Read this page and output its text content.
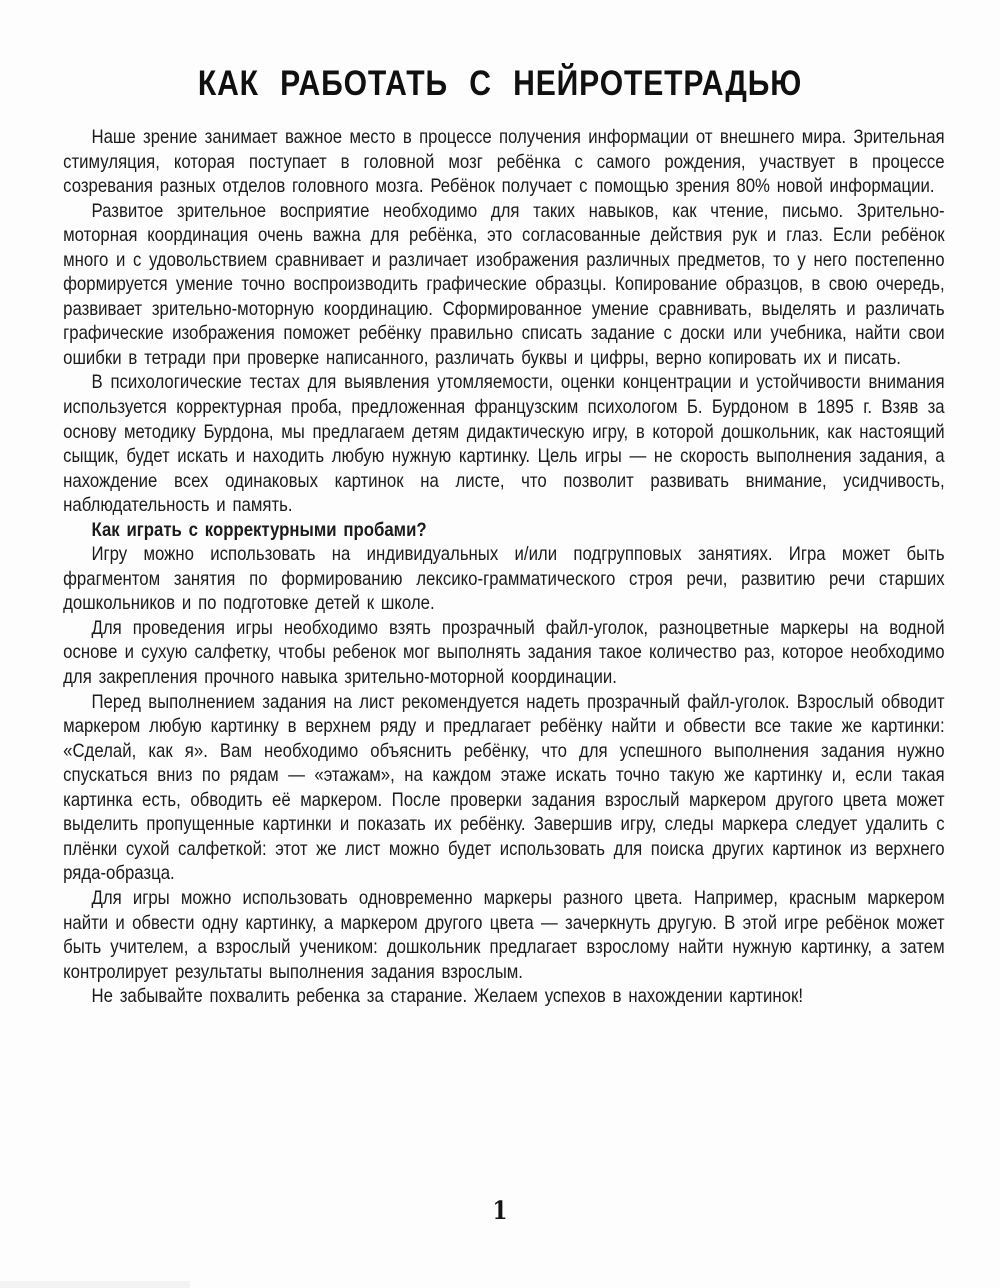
КАК РАБОТАТЬ С НЕЙРОТЕТРАДЬЮ

Наше зрение занимает важное место в процессе получения информации от внешнего мира. Зрительная стимуляция, которая поступает в головной мозг ребёнка с самого рождения, участвует в процессе созревания разных отделов головного мозга. Ребёнок получает с помощью зрения 80% новой информации.

Развитое зрительное восприятие необходимо для таких навыков, как чтение, письмо. Зрительно-моторная координация очень важна для ребёнка, это согласованные действия рук и глаз. Если ребёнок много и с удовольствием сравнивает и различает изображения различных предметов, то у него постепенно формируется умение точно воспроизводить графические образцы. Копирование образцов, в свою очередь, развивает зрительно-моторную координацию. Сформированное умение сравнивать, выделять и различать графические изображения поможет ребёнку правильно списать задание с доски или учебника, найти свои ошибки в тетради при проверке написанного, различать буквы и цифры, верно копировать их и писать.

В психологические тестах для выявления утомляемости, оценки концентрации и устойчивости внимания используется корректурная проба, предложенная французским психологом Б. Бурдоном в 1895 г. Взяв за основу методику Бурдона, мы предлагаем детям дидактическую игру, в которой дошкольник, как настоящий сыщик, будет искать и находить любую нужную картинку. Цель игры — не скорость выполнения задания, а нахождение всех одинаковых картинок на листе, что позволит развивать внимание, усидчивость, наблюдательность и память.

Как играть с корректурными пробами?

Игру можно использовать на индивидуальных и/или подгрупповых занятиях. Игра может быть фрагментом занятия по формированию лексико-грамматического строя речи, развитию речи старших дошкольников и по подготовке детей к школе.

Для проведения игры необходимо взять прозрачный файл-уголок, разноцветные маркеры на водной основе и сухую салфетку, чтобы ребенок мог выполнять задания такое количество раз, которое необходимо для закрепления прочного навыка зрительно-моторной координации.

Перед выполнением задания на лист рекомендуется надеть прозрачный файл-уголок. Взрослый обводит маркером любую картинку в верхнем ряду и предлагает ребёнку найти и обвести все такие же картинки: «Сделай, как я». Вам необходимо объяснить ребёнку, что для успешного выполнения задания нужно спускаться вниз по рядам — «этажам», на каждом этаже искать точно такую же картинку и, если такая картинка есть, обводить её маркером. После проверки задания взрослый маркером другого цвета может выделить пропущенные картинки и показать их ребёнку. Завершив игру, следы маркера следует удалить с плёнки сухой салфеткой: этот же лист можно будет использовать для поиска других картинок из верхнего ряда-образца.

Для игры можно использовать одновременно маркеры разного цвета. Например, красным маркером найти и обвести одну картинку, а маркером другого цвета — зачеркнуть другую. В этой игре ребёнок может быть учителем, а взрослый учеником: дошкольник предлагает взрослому найти нужную картинку, а затем контролирует результаты выполнения задания взрослым.

Не забывайте похвалить ребенка за старание. Желаем успехов в нахождении картинок!

1
